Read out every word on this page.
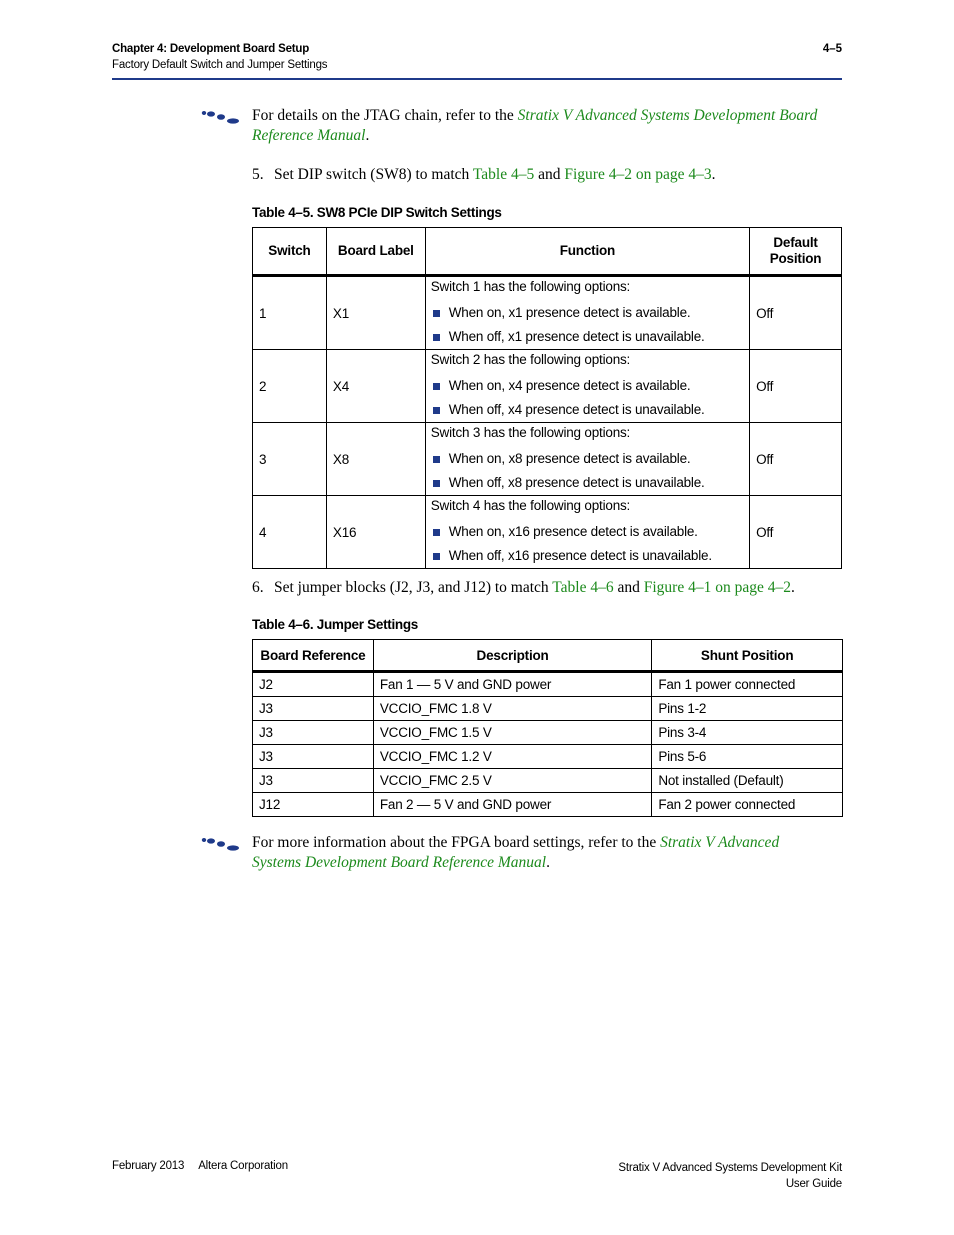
Chapter 4: Development Board Setup
Factory Default Switch and Jumper Settings
4–5
For details on the JTAG chain, refer to the Stratix V Advanced Systems Development Board Reference Manual.
5. Set DIP switch (SW8) to match Table 4–5 and Figure 4–2 on page 4–3.
Table 4–5. SW8 PCIe DIP Switch Settings
Switch	Board Label	Function	Default Position
1	X1	Switch 1 has the following options:
When on, x1 presence detect is available.
When off, x1 presence detect is unavailable.	Off
2	X4	Switch 2 has the following options:
When on, x4 presence detect is available.
When off, x4 presence detect is unavailable.	Off
3	X8	Switch 3 has the following options:
When on, x8 presence detect is available.
When off, x8 presence detect is unavailable.	Off
4	X16	Switch 4 has the following options:
When on, x16 presence detect is available.
When off, x16 presence detect is unavailable.	Off
6. Set jumper blocks (J2, J3, and J12) to match Table 4–6 and Figure 4–1 on page 4–2.
Table 4–6. Jumper Settings
Board Reference	Description	Shunt Position
J2	Fan 1 — 5 V and GND power	Fan 1 power connected
J3	VCCIO_FMC 1.8 V	Pins 1-2
J3	VCCIO_FMC 1.5 V	Pins 3-4
J3	VCCIO_FMC 1.2 V	Pins 5-6
J3	VCCIO_FMC 2.5 V	Not installed (Default)
J12	Fan 2 — 5 V and GND power	Fan 2 power connected
For more information about the FPGA board settings, refer to the Stratix V Advanced Systems Development Board Reference Manual.
February 2013 Altera Corporation	Stratix V Advanced Systems Development Kit
User Guide
